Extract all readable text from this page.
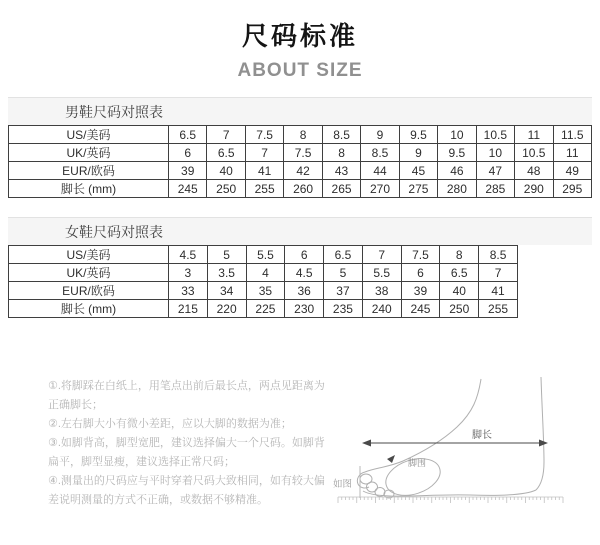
尺码标准
ABOUT SIZE
男鞋尺码对照表
US/美码	6.5	7	7.5	8	8.5	9	9.5	10	10.5	11	11.5
UK/英码	6	6.5	7	7.5	8	8.5	9	9.5	10	10.5	11
EUR/欧码	39	40	41	42	43	44	45	46	47	48	49
脚长 (mm)	245	250	255	260	265	270	275	280	285	290	295
女鞋尺码对照表
US/美码	4.5	5	5.5	6	6.5	7	7.5	8	8.5
UK/英码	3	3.5	4	4.5	5	5.5	6	6.5	7
EUR/欧码	33	34	35	36	37	38	39	40	41
脚长 (mm)	215	220	225	230	235	240	245	250	255

①.将脚踩在白纸上，用笔点出前后最长点，两点见距离为正确脚长；

②.左右脚大小有微小差距，应以大脚的数据为准；

③.如脚背高，脚型宽肥，建议选择偏大一个尺码。如脚背扁平，脚型显瘦，建议选择正常尺码；

④.测量出的尺码应与平时穿着尺码大致相同，如有较大偏差说明测量的方式不正确，或数据不够精准。

脚长
脚围
如图
